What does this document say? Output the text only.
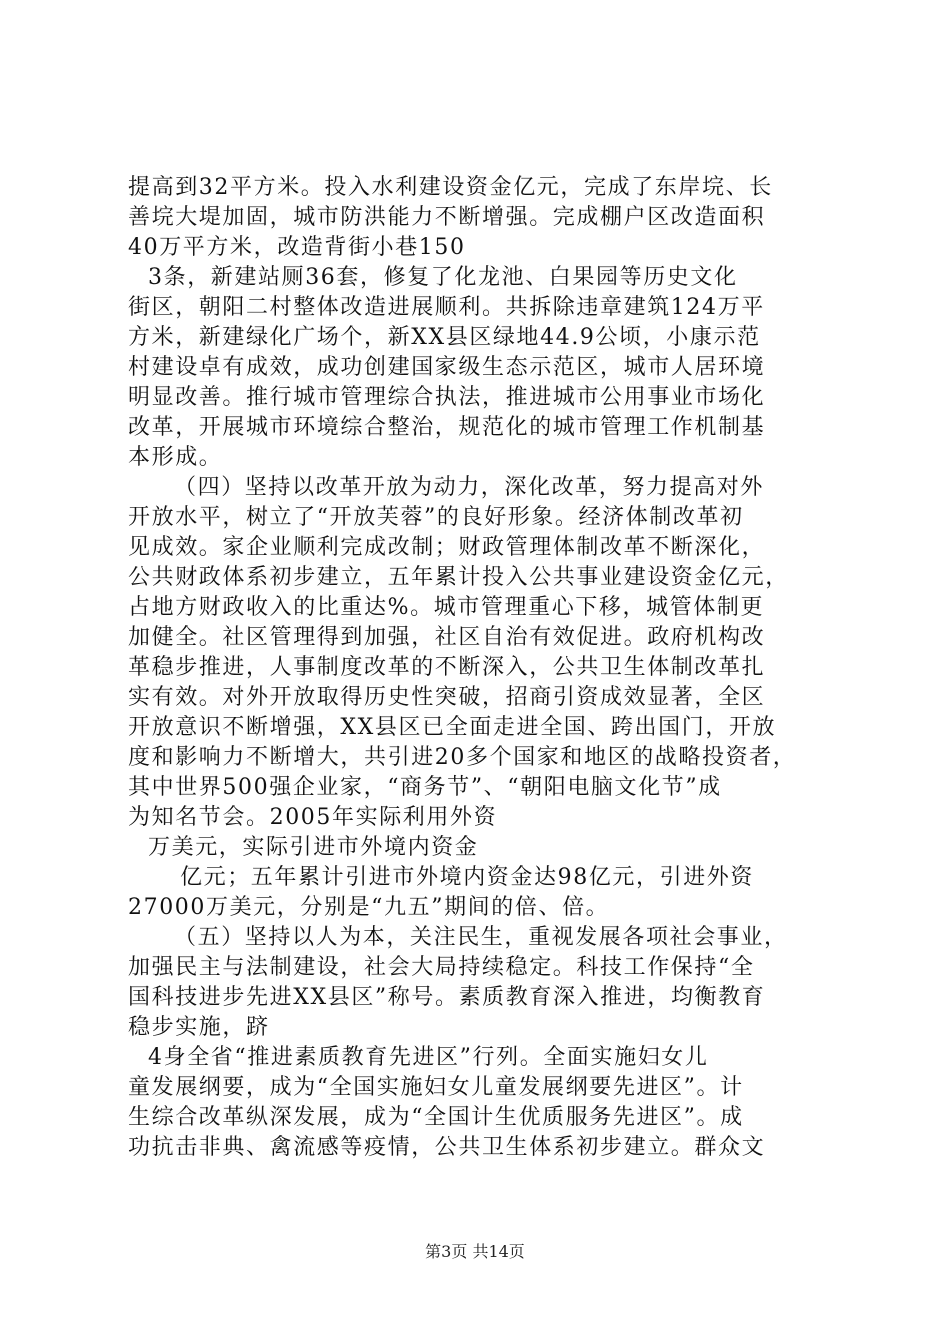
提高到32平方米。投入水利建设资金亿元，完成了东岸垸、长
善垸大堤加固，城市防洪能力不断增强。完成棚户区改造面积
40万平方米，改造背街小巷150
3条，新建站厕36套，修复了化龙池、白果园等历史文化
街区，朝阳二村整体改造进展顺利。共拆除违章建筑124万平
方米，新建绿化广场个，新XX县区绿地44.9公顷，小康示范
村建设卓有成效，成功创建国家级生态示范区，城市人居环境
明显改善。推行城市管理综合执法，推进城市公用事业市场化
改革，开展城市环境综合整治，规范化的城市管理工作机制基
本形成。
（四）坚持以改革开放为动力，深化改革，努力提高对外
开放水平，树立了“开放芙蓉”的良好形象。经济体制改革初
见成效。家企业顺利完成改制；财政管理体制改革不断深化，
公共财政体系初步建立，五年累计投入公共事业建设资金亿元，
占地方财政收入的比重达%。城市管理重心下移，城管体制更
加健全。社区管理得到加强，社区自治有效促进。政府机构改
革稳步推进，人事制度改革的不断深入，公共卫生体制改革扎
实有效。对外开放取得历史性突破，招商引资成效显著，全区
开放意识不断增强，XX县区已全面走进全国、跨出国门，开放
度和影响力不断增大，共引进20多个国家和地区的战略投资者，
其中世界500强企业家，“商务节”、“朝阳电脑文化节”成
为知名节会。2005年实际利用外资
万美元，实际引进市外境内资金
亿元；五年累计引进市外境内资金达98亿元，引进外资
27000万美元，分别是“九五”期间的倍、倍。
（五）坚持以人为本，关注民生，重视发展各项社会事业，
加强民主与法制建设，社会大局持续稳定。科技工作保持“全
国科技进步先进XX县区”称号。素质教育深入推进，均衡教育
稳步实施，跻
4身全省“推进素质教育先进区”行列。全面实施妇女儿
童发展纲要，成为“全国实施妇女儿童发展纲要先进区”。计
生综合改革纵深发展，成为“全国计生优质服务先进区”。成
功抗击非典、禽流感等疫情，公共卫生体系初步建立。群众文
第3页 共14页
